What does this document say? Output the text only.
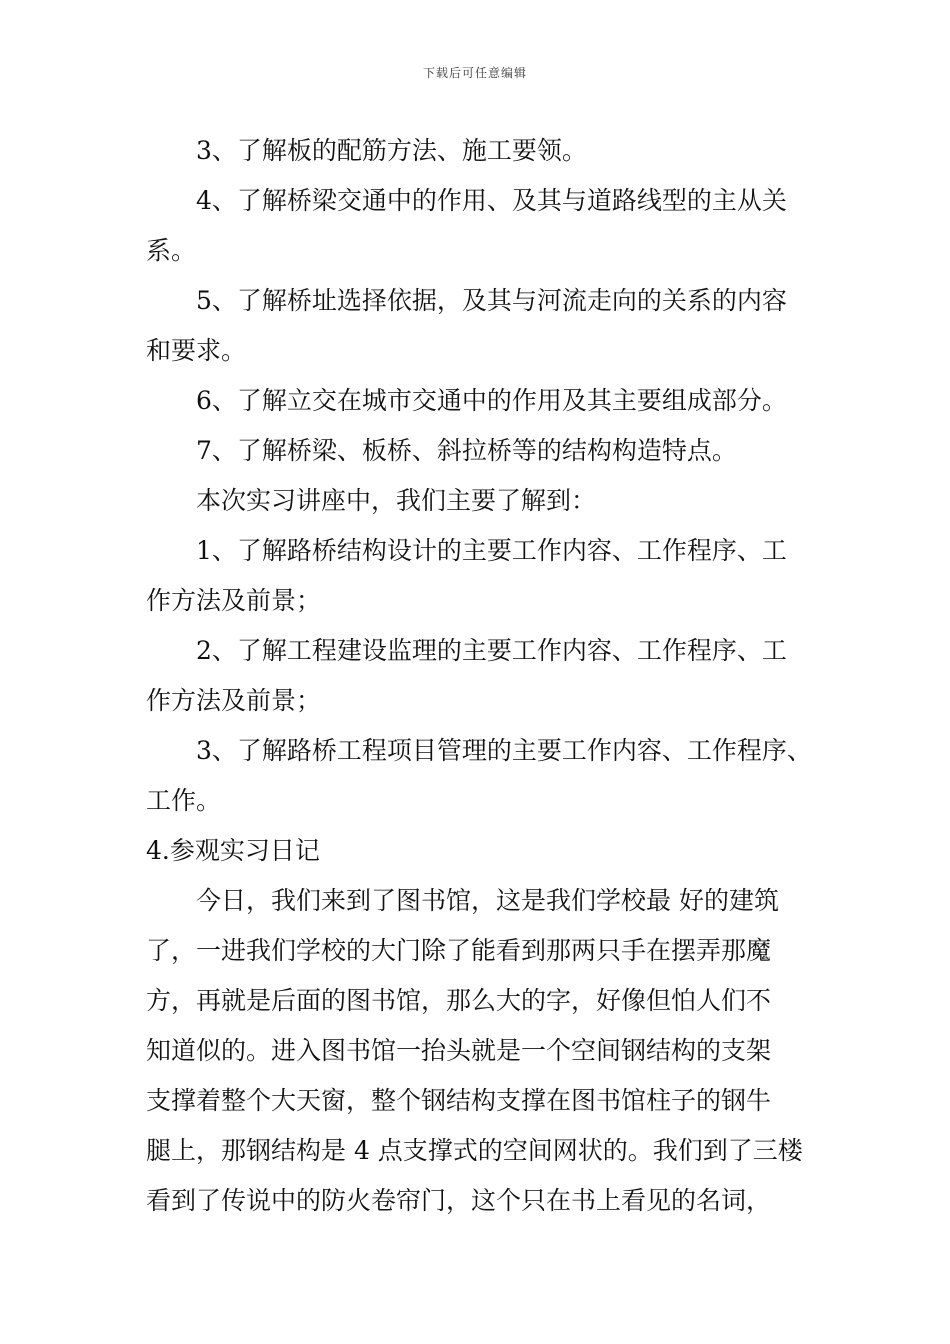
下载后可任意编辑

3、了解板的配筋方法、施工要领。

4、了解桥梁交通中的作用、及其与道路线型的主从关

系。

5、了解桥址选择依据，及其与河流走向的关系的内容

和要求。

6、了解立交在城市交通中的作用及其主要组成部分。

7、了解桥梁、板桥、斜拉桥等的结构构造特点。

本次实习讲座中，我们主要了解到：

1、了解路桥结构设计的主要工作内容、工作程序、工

作方法及前景；

2、了解工程建设监理的主要工作内容、工作程序、工

作方法及前景；

3、了解路桥工程项目管理的主要工作内容、工作程序、

工作。

4.参观实习日记

今日，我们来到了图书馆，这是我们学校最 好的建筑

了，一进我们学校的大门除了能看到那两只手在摆弄那魔

方，再就是后面的图书馆，那么大的字，好像但怕人们不

知道似的。进入图书馆一抬头就是一个空间钢结构的支架

支撑着整个大天窗，整个钢结构支撑在图书馆柱子的钢牛

腿上，那钢结构是 4 点支撑式的空间网状的。我们到了三楼

看到了传说中的防火卷帘门，这个只在书上看见的名词，
